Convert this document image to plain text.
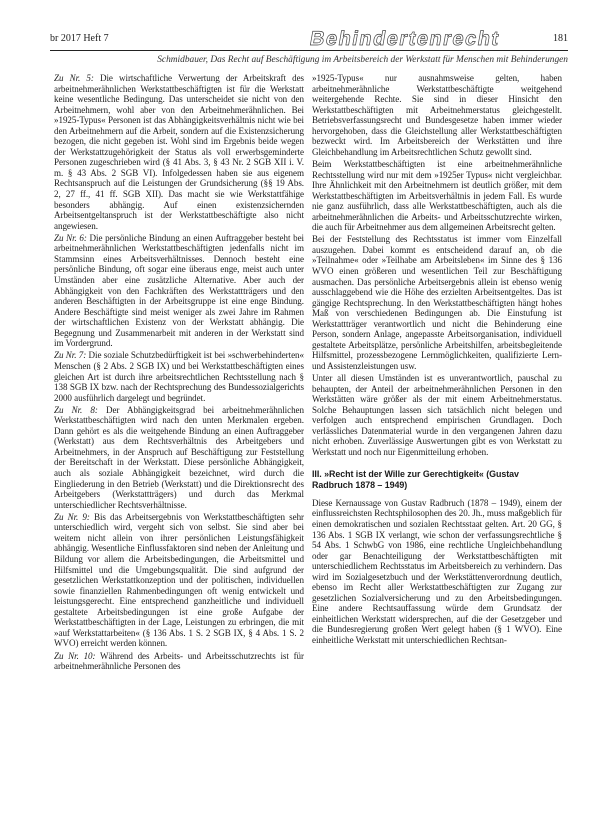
br 2017 Heft 7	Behindertenrecht	181
Schmidbauer, Das Recht auf Beschäftigung im Arbeitsbereich der Werkstatt für Menschen mit Behinderungen

Zu Nr. 5: Die wirtschaftliche Verwertung der Arbeitskraft des arbeitnehmerähnlichen Werkstattbeschäftigten ist für die Werkstatt keine wesentliche Bedingung. Das unterscheidet sie nicht von den Arbeitnehmern, wohl aber von den Arbeitnehmerähnlichen. Bei »1925-Typus« Personen ist das Abhängigkeitsverhältnis nicht wie bei den Arbeitnehmern auf die Arbeit, sondern auf die Existenzsicherung bezogen, die nicht gegeben ist. Wohl sind im Ergebnis beide wegen der Werkstattzugehörigkeit der Status als voll erwerbsgeminderte Personen zugeschrieben wird (§ 41 Abs. 3, § 43 Nr. 2 SGB XII i. V. m. § 43 Abs. 2 SGB VI). Infolgedessen haben sie aus eigenem Rechtsanspruch auf die Leistungen der Grundsicherung (§§ 19 Abs. 2, 27 ff., 41 ff. SGB XII). Das macht sie wie Werkstattfähige besonders abhängig. Auf einen existenzsichernden Arbeitsentgeltanspruch ist der Werkstattbeschäftigte also nicht angewiesen.

Zu Nr. 6: Die persönliche Bindung an einen Auftraggeber besteht bei arbeitnehmerähnlichen Werkstattbeschäftigten jedenfalls nicht im Stammsinn eines Arbeitsverhältnisses. Dennoch besteht eine persönliche Bindung, oft sogar eine überaus enge, meist auch unter Umständen aber eine zusätzliche Alternative. Aber auch der Abhängigkeit von den Fachkräften des Werkstattträgers und den anderen Beschäftigten in der Arbeitsgruppe ist eine enge Bindung. Andere Beschäftigte sind meist weniger als zwei Jahre im Rahmen der wirtschaftlichen Existenz von der Werkstatt abhängig. Die Begegnung und Zusammenarbeit mit anderen in der Werkstatt sind im Vordergrund.

Zu Nr. 7: Die soziale Schutzbedürftigkeit ist bei »schwerbehinderten« Menschen (§ 2 Abs. 2 SGB IX) und bei Werkstattbeschäftigten eines gleichen Art ist durch ihre arbeitsrechtlichen Rechtsstellung nach § 138 SGB IX bzw. nach der Rechtsprechung des Bundessozialgerichts 2000 ausführlich dargelegt und begründet.

Zu Nr. 8: Der Abhängigkeitsgrad bei arbeitnehmerähnlichen Werkstattbeschäftigten wird nach den unten Merkmalen ergeben. Dann gehört es als die weitgehende Bindung an einen Auftraggeber (Werkstatt) aus dem Rechtsverhältnis des Arbeitgebers und Arbeitnehmers, in der Anspruch auf Beschäftigung zur Feststellung der Bereitschaft in der Werkstatt. Diese persönliche Abhängigkeit, auch als soziale Abhängigkeit bezeichnet, wird durch die Eingliederung in den Betrieb (Werkstatt) und die Direktionsrecht des Arbeitgebers (Werkstattträgers) und durch das Merkmal unterschiedlicher Rechtsverhältnisse.

Zu Nr. 9: Bis das Arbeitsergebnis von Werkstattbeschäftigten sehr unterschiedlich wird, vergeht sich von selbst. Sie sind aber bei weitem nicht allein von ihrer persönlichen Leistungsfähigkeit abhängig. Wesentliche Einflussfaktoren sind neben der Anleitung und Bildung vor allem die Arbeitsbedingungen, die Arbeitsmittel und Hilfsmittel und die Umgebungsqualität. Die sind aufgrund der gesetzlichen Werkstattkonzeption und der politischen, individuellen sowie finanziellen Rahmenbedingungen oft wenig entwickelt und leistungsgerecht. Eine entsprechend ganzheitliche und individuell gestaltete Arbeitsbedingungen ist eine große Aufgabe der Werkstattbeschäftigten in der Lage, Leistungen zu erbringen, die mit »auf Werkstattarbeiten« (§ 136 Abs. 1 S. 2 SGB IX, § 4 Abs. 1 S. 2 WVO) erreicht werden können.

Zu Nr. 10: Während des Arbeits- und Arbeitsschutzrechts ist für arbeitnehmerähnliche Personen des

»1925-Typus« nur ausnahmsweise gelten, haben arbeitnehmerähnliche Werkstattbeschäftigte weitgehend weitergehende Rechte. Sie sind in dieser Hinsicht den Werkstattbeschäftigten mit Arbeitnehmerstatus gleichgestellt. Betriebsverfassungsrecht und Bundesgesetze haben immer wieder hervorgehoben, dass die Gleichstellung aller Werkstattbeschäftigten bezweckt wird. Im Arbeitsbereich der Werkstätten und ihre Gleichbehandlung im Arbeitsrechtlichen Schutz gewollt sind.

Beim Werkstattbeschäftigten ist eine arbeitnehmerähnliche Rechtsstellung wird nur mit dem »1925er Typus« nicht vergleichbar. Ihre Ähnlichkeit mit den Arbeitnehmern ist deutlich größer, mit dem Werkstattbeschäftigten im Arbeitsverhältnis in jedem Fall. Es wurde nie ganz ausführlich, dass alle Werkstattbeschäftigten, auch als die arbeitnehmerähnlichen die Arbeits- und Arbeitsschutzrechte wirken, die auch für Arbeitnehmer aus dem allgemeinen Arbeitsrecht gelten.

Bei der Feststellung des Rechtsstatus ist immer vom Einzelfall auszugehen. Dabei kommt es entscheidend darauf an, ob die »Teilnahme« oder »Teilhabe am Arbeitsleben« im Sinne des § 136 WVO einen größeren und wesentlichen Teil zur Beschäftigung ausmachen. Das persönliche Arbeitsergebnis allein ist ebenso wenig ausschlaggebend wie die Höhe des erzielten Arbeitsentgeltes. Das ist gängige Rechtsprechung. In den Werkstattbeschäftigten hängt hohes Maß von verschiedenen Bedingungen ab. Die Einstufung ist Werkstattträger verantwortlich und nicht die Behinderung eine Person, sondern Anlage, angepasste Arbeitsorganisation, individuell gestaltete Arbeitsplätze, persönliche Arbeitshilfen, arbeitsbegleitende Hilfsmittel, prozessbezogene Lernmöglichkeiten, qualifizierte Lern- und Assistenzleistungen usw.

Unter all diesen Umständen ist es unverantwortlich, pauschal zu behaupten, der Anteil der arbeitnehmerähnlichen Personen in den Werkstätten wäre größer als der mit einem Arbeitnehmerstatus. Solche Behauptungen lassen sich tatsächlich nicht belegen und verfolgen auch entsprechend empirischen Grundlagen. Doch verlässliches Datenmaterial wurde in den vergangenen Jahren dazu nicht erhoben. Zuverlässige Auswertungen gibt es von Werkstatt zu Werkstatt und noch nur Eigenmitteilung erhoben.

III. »Recht ist der Wille zur Gerechtigkeit« (Gustav Radbruch 1878 – 1949)

Diese Kernaussage von Gustav Radbruch (1878 – 1949), einem der einflussreichsten Rechtsphilosophen des 20. Jh., muss maßgeblich für einen demokratischen und sozialen Rechtsstaat gelten. Art. 20 GG, § 136 Abs. 1 SGB IX verlangt, wie schon der verfassungsrechtliche § 54 Abs. 1 SchwbG von 1986, eine rechtliche Ungleichbehandlung oder gar Benachteiligung der Werkstattbeschäftigten mit unterschiedlichem Rechtsstatus im Arbeitsbereich zu verhindern. Das wird im Sozialgesetzbuch und der Werkstättenverordnung deutlich, ebenso im Recht aller Werkstattbeschäftigten zur Zugang zur gesetzlichen Sozialversicherung und zu den Arbeitsbedingungen. Eine andere Rechtsauffassung würde dem Grundsatz der einheitlichen Werkstatt widersprechen, auf die der Gesetzgeber und die Bundesregierung großen Wert gelegt haben (§ 1 WVO). Eine einheitliche Werkstatt mit unterschiedlichen Rechtsan-
